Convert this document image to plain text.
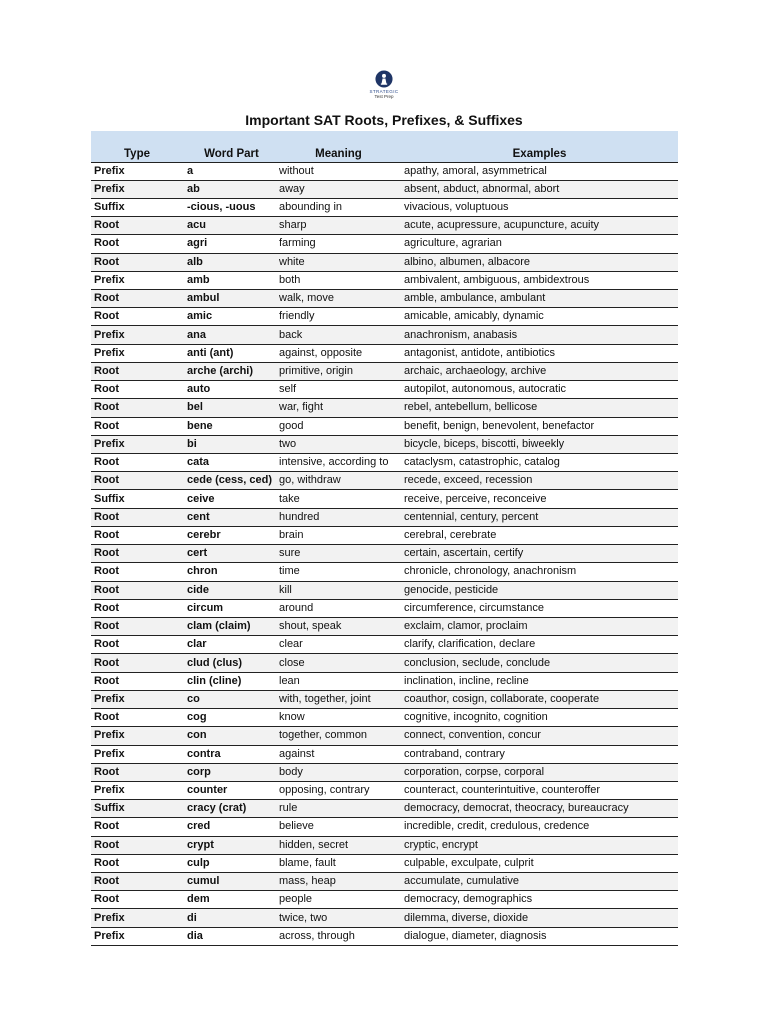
STRATEGIC
Test Prep
Important SAT Roots, Prefixes, & Suffixes
Type	Word Part	Meaning	Examples
Prefix	a	without	apathy, amoral, asymmetrical
Prefix	ab	away	absent, abduct, abnormal, abort
Suffix	-cious, -uous	abounding in	vivacious, voluptuous
Root	acu	sharp	acute, acupressure, acupuncture, acuity
Root	agri	farming	agriculture, agrarian
Root	alb	white	albino, albumen, albacore
Prefix	amb	both	ambivalent, ambiguous, ambidextrous
Root	ambul	walk, move	amble, ambulance, ambulant
Root	amic	friendly	amicable, amicably, dynamic
Prefix	ana	back	anachronism, anabasis
Prefix	anti (ant)	against, opposite	antagonist, antidote, antibiotics
Root	arche (archi)	primitive, origin	archaic, archaeology, archive
Root	auto	self	autopilot, autonomous, autocratic
Root	bel	war, fight	rebel, antebellum, bellicose
Root	bene	good	benefit, benign, benevolent, benefactor
Prefix	bi	two	bicycle, biceps, biscotti, biweekly
Root	cata	intensive, according to	cataclysm, catastrophic, catalog
Root	cede (cess, ced)	go, withdraw	recede, exceed, recession
Suffix	ceive	take	receive, perceive, reconceive
Root	cent	hundred	centennial, century, percent
Root	cerebr	brain	cerebral, cerebrate
Root	cert	sure	certain, ascertain, certify
Root	chron	time	chronicle, chronology, anachronism
Root	cide	kill	genocide, pesticide
Root	circum	around	circumference, circumstance
Root	clam (claim)	shout, speak	exclaim, clamor, proclaim
Root	clar	clear	clarify, clarification, declare
Root	clud (clus)	close	conclusion, seclude, conclude
Root	clin (cline)	lean	inclination, incline, recline
Prefix	co	with, together, joint	coauthor, cosign, collaborate, cooperate
Root	cog	know	cognitive, incognito, cognition
Prefix	con	together, common	connect, convention, concur
Prefix	contra	against	contraband, contrary
Root	corp	body	corporation, corpse, corporal
Prefix	counter	opposing, contrary	counteract, counterintuitive, counteroffer
Suffix	cracy (crat)	rule	democracy, democrat, theocracy, bureaucracy
Root	cred	believe	incredible, credit, credulous, credence
Root	crypt	hidden, secret	cryptic, encrypt
Root	culp	blame, fault	culpable, exculpate, culprit
Root	cumul	mass, heap	accumulate, cumulative
Root	dem	people	democracy, demographics
Prefix	di	twice, two	dilemma, diverse, dioxide
Prefix	dia	across, through	dialogue, diameter, diagnosis
